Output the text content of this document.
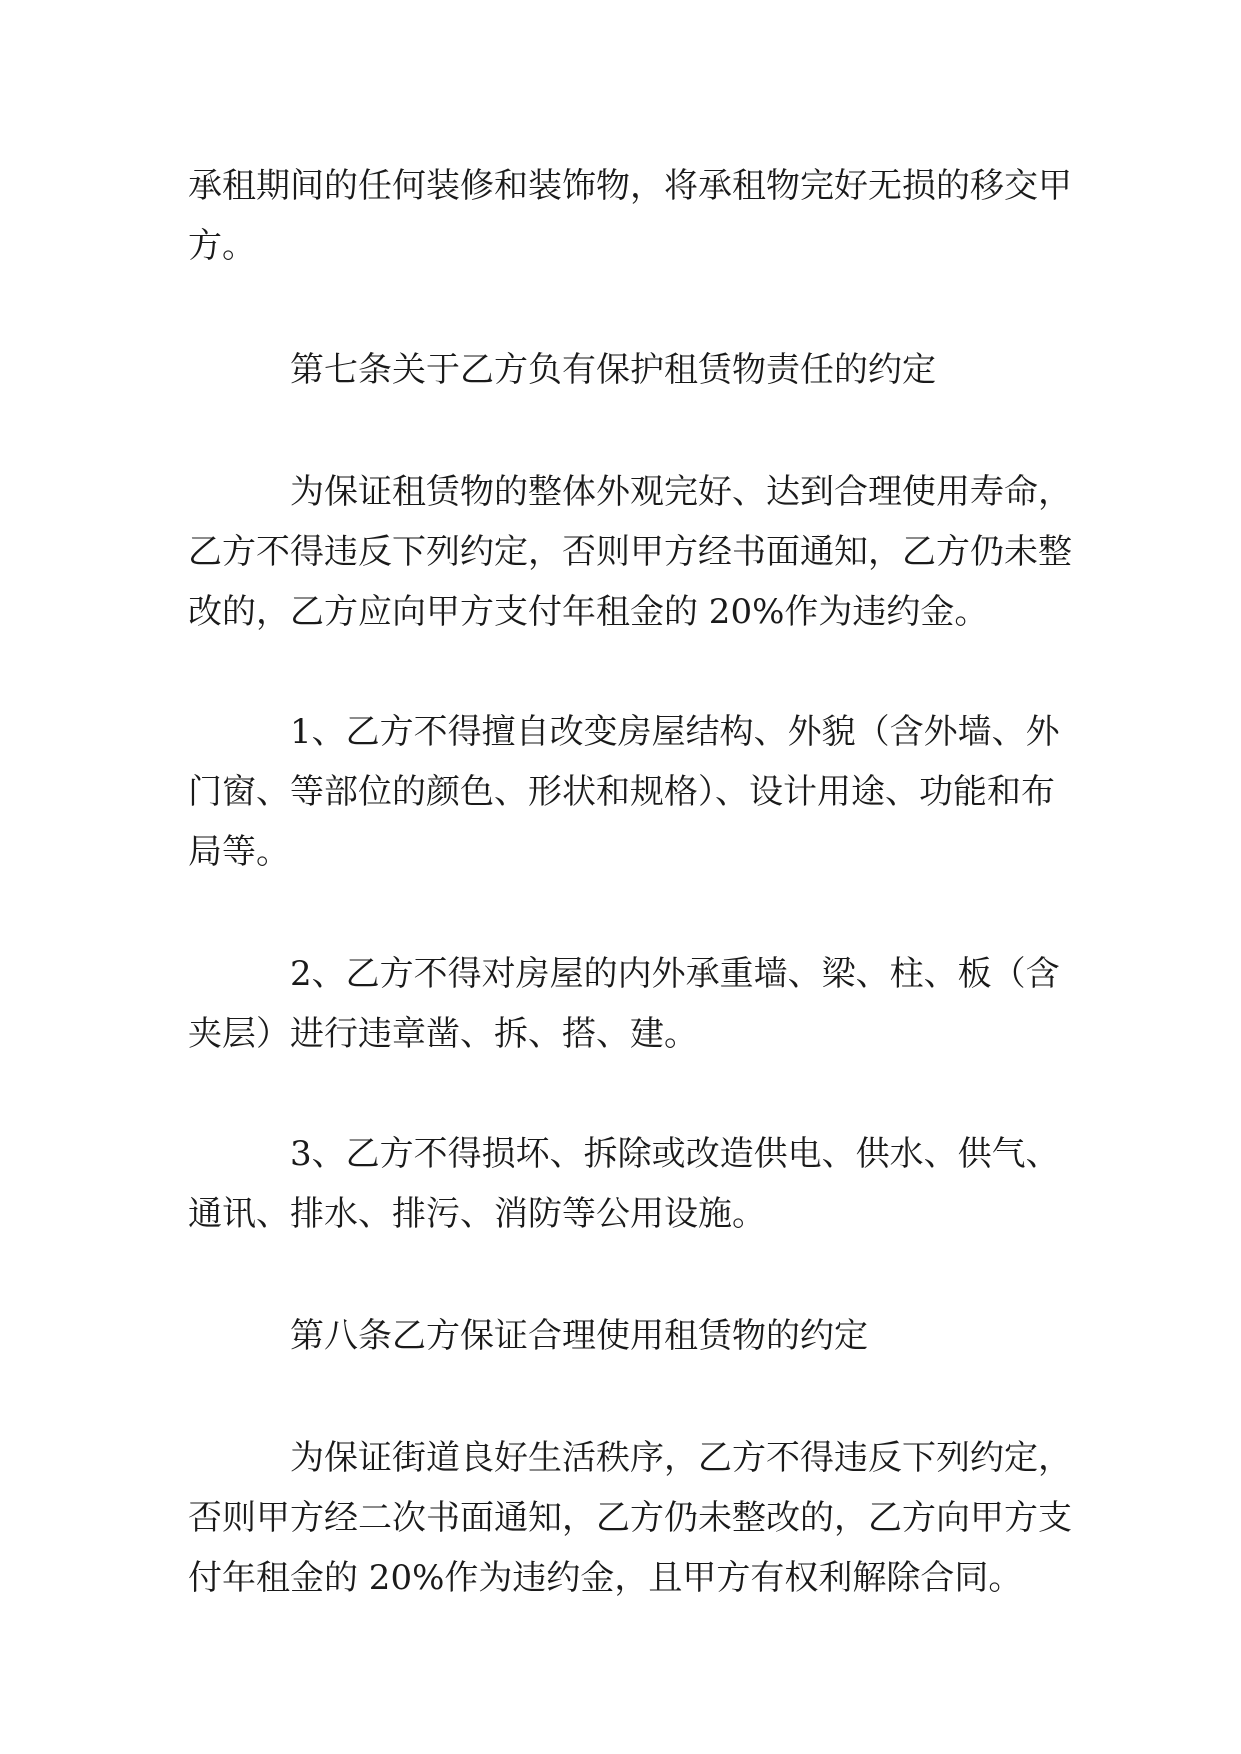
承租期间的任何装修和装饰物，将承租物完好无损的移交甲
方。
第七条关于乙方负有保护租赁物责任的约定
为保证租赁物的整体外观完好、达到合理使用寿命，
乙方不得违反下列约定，否则甲方经书面通知，乙方仍未整
改的，乙方应向甲方支付年租金的 20%作为违约金。
1、乙方不得擅自改变房屋结构、外貌（含外墙、外
门窗、等部位的颜色、形状和规格）、设计用途、功能和布
局等。
2、乙方不得对房屋的内外承重墙、梁、柱、板（含
夹层）进行违章凿、拆、搭、建。
3、乙方不得损坏、拆除或改造供电、供水、供气、
通讯、排水、排污、消防等公用设施。
第八条乙方保证合理使用租赁物的约定
为保证街道良好生活秩序，乙方不得违反下列约定，
否则甲方经二次书面通知，乙方仍未整改的，乙方向甲方支
付年租金的 20%作为违约金，且甲方有权利解除合同。
